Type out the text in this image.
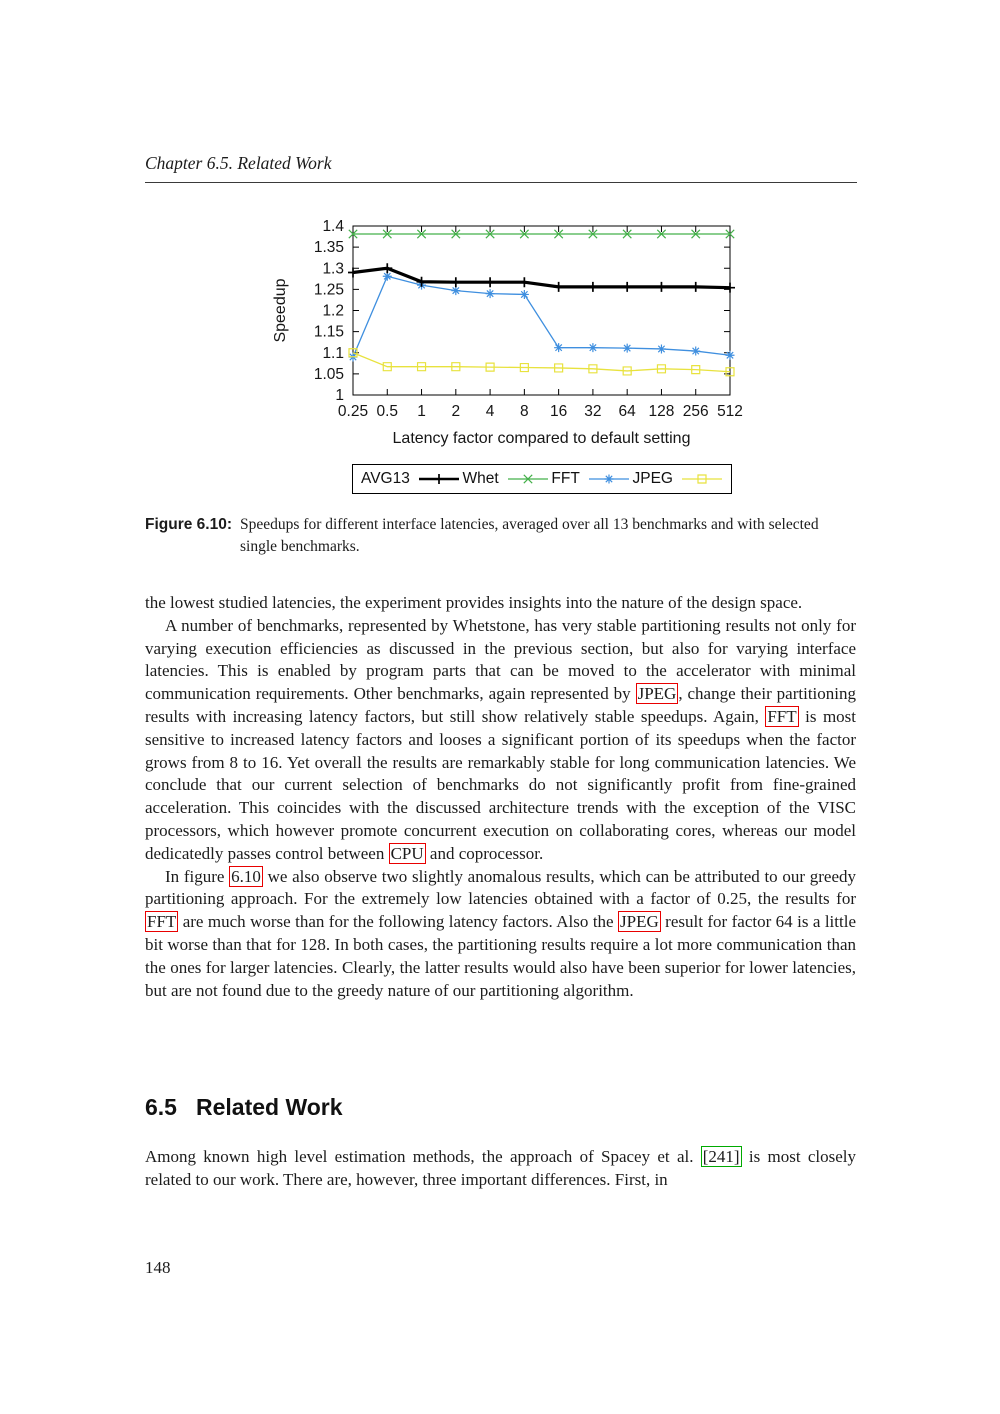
Chapter 6.5. Related Work
1
1.05
1.1
1.15
1.2
1.25
1.3
1.35
1.4
0.25 0.5 1 2 4 8 16 32 64 128 256 512
Latency factor compared to default setting
Speedup
AVG13	Whet	FFT	JPEG
Figure 6.10: Speedups for different interface latencies, averaged over all 13 benchmarks and with selected single benchmarks.

the lowest studied latencies, the experiment provides insights into the nature of the design space.

A number of benchmarks, represented by Whetstone, has very stable partitioning results not only for varying execution efficiencies as discussed in the previous section, but also for varying interface latencies. This is enabled by program parts that can be moved to the accelerator with minimal communication requirements. Other benchmarks, again represented by JPEG , change their partitioning results with increasing latency factors, but still show relatively stable speedups. Again, FFT is most sensitive to increased latency factors and looses a significant portion of its speedups when the factor grows from 8 to 16. Yet overall the results are remarkably stable for long communication latencies. We conclude that our current selection of benchmarks do not significantly profit from fine-grained acceleration. This coincides with the discussed architecture trends with the exception of the VISC processors, which however promote concurrent execution on collaborating cores, whereas our model dedicatedly passes control between CPU and coprocessor.

In figure 6.10 we also observe two slightly anomalous results, which can be attributed to our greedy partitioning approach. For the extremely low latencies obtained with a factor of 0.25, the results for FFT are much worse than for the following latency factors. Also the JPEG result for factor 64 is a little bit worse than that for 128. In both cases, the partitioning results require a lot more communication than the ones for larger latencies. Clearly, the latter results would also have been superior for lower latencies, but are not found due to the greedy nature of our partitioning algorithm.

6.5 Related Work

Among known high level estimation methods, the approach of Spacey et al. [241] is most closely related to our work. There are, however, three important differences. First, in

148
